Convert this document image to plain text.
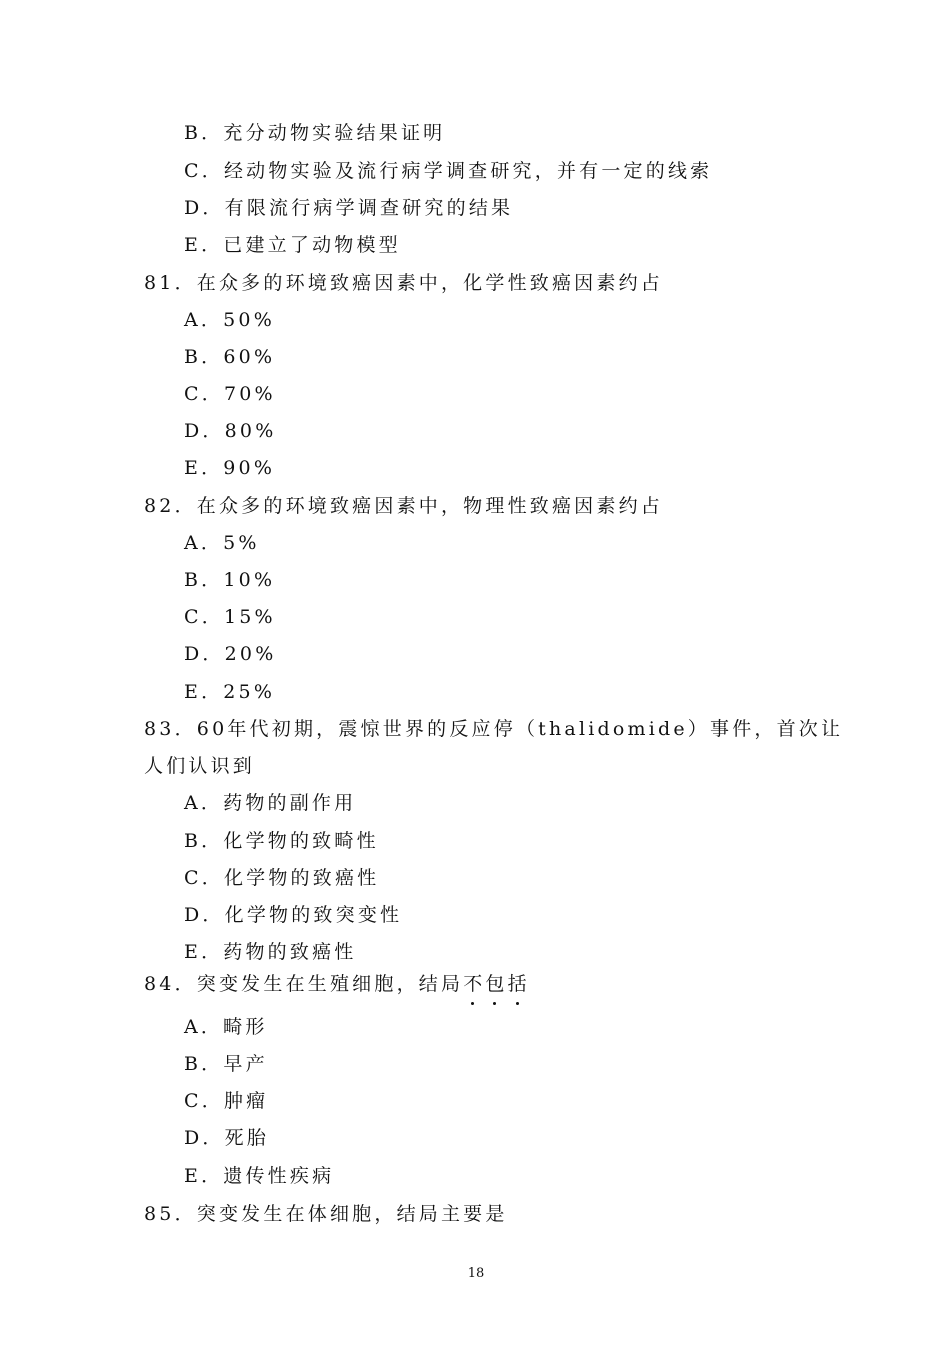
B．充分动物实验结果证明
C．经动物实验及流行病学调查研究，并有一定的线索
D．有限流行病学调查研究的结果
E．已建立了动物模型
81．在众多的环境致癌因素中，化学性致癌因素约占
A．50%
B．60%
C．70%
D．80%
E．90%
82．在众多的环境致癌因素中，物理性致癌因素约占
A．5%
B．10%
C．15%
D．20%
E．25%
83．60年代初期，震惊世界的反应停（thalidomide）事件，首次让
人们认识到
A．药物的副作用
B．化学物的致畸性
C．化学物的致癌性
D．化学物的致突变性
E．药物的致癌性
84．突变发生在生殖细胞，结局不包括
A．畸形
B．早产
C．肿瘤
D．死胎
E．遗传性疾病
85．突变发生在体细胞，结局主要是
18
